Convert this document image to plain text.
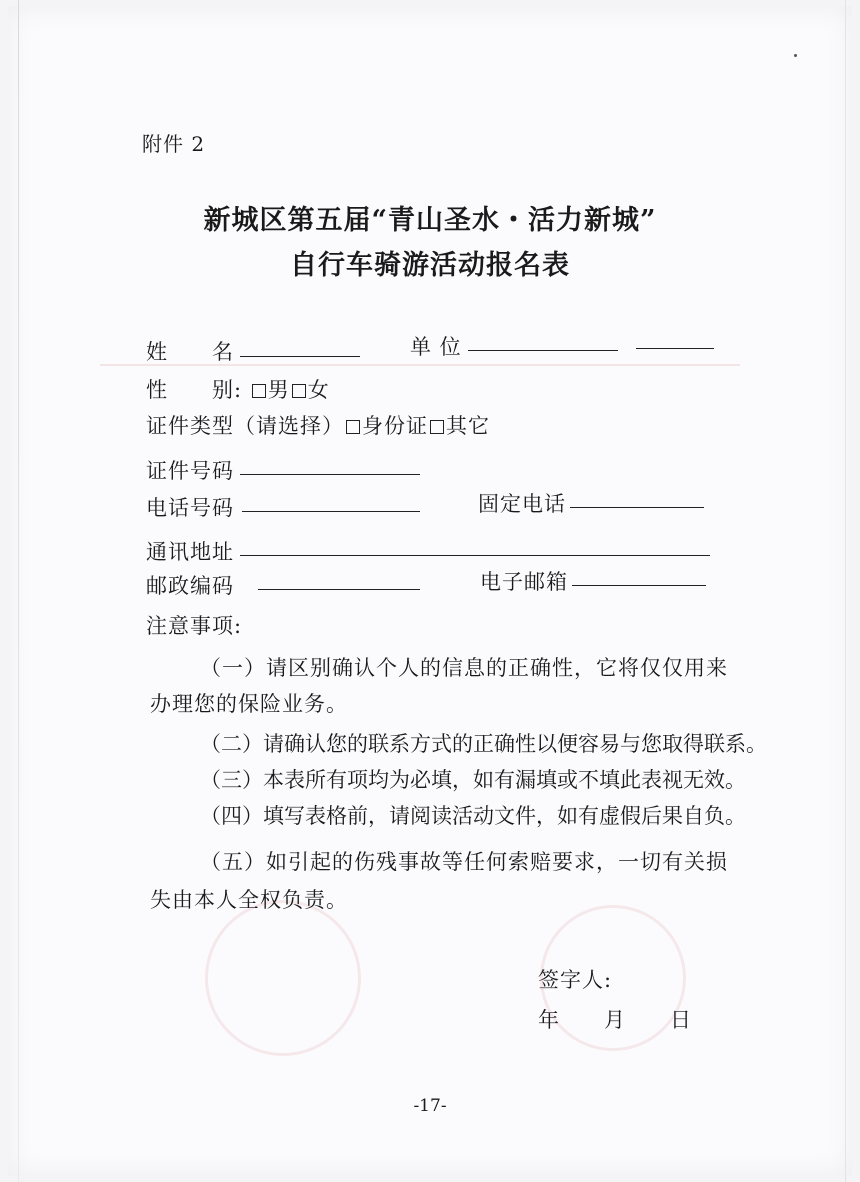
附件 2
新城区第五届“青山圣水・活力新城”
自行车骑游活动报名表
姓　　名	单 位
性　　别: 男 女
证件类型（请选择） 身份证 其它
证件号码
电话号码	固定电话
通讯地址
邮政编码	电子邮箱
注意事项:
（一）请区别确认个人的信息的正确性，它将仅仅用来
办理您的保险业务。
（二）请确认您的联系方式的正确性以便容易与您取得联系。
（三）本表所有项均为必填，如有漏填或不填此表视无效。
（四）填写表格前，请阅读活动文件，如有虚假后果自负。
（五）如引起的伤残事故等任何索赔要求，一切有关损
失由本人全权负责。
签字人:
年　　月　　日
-17-
